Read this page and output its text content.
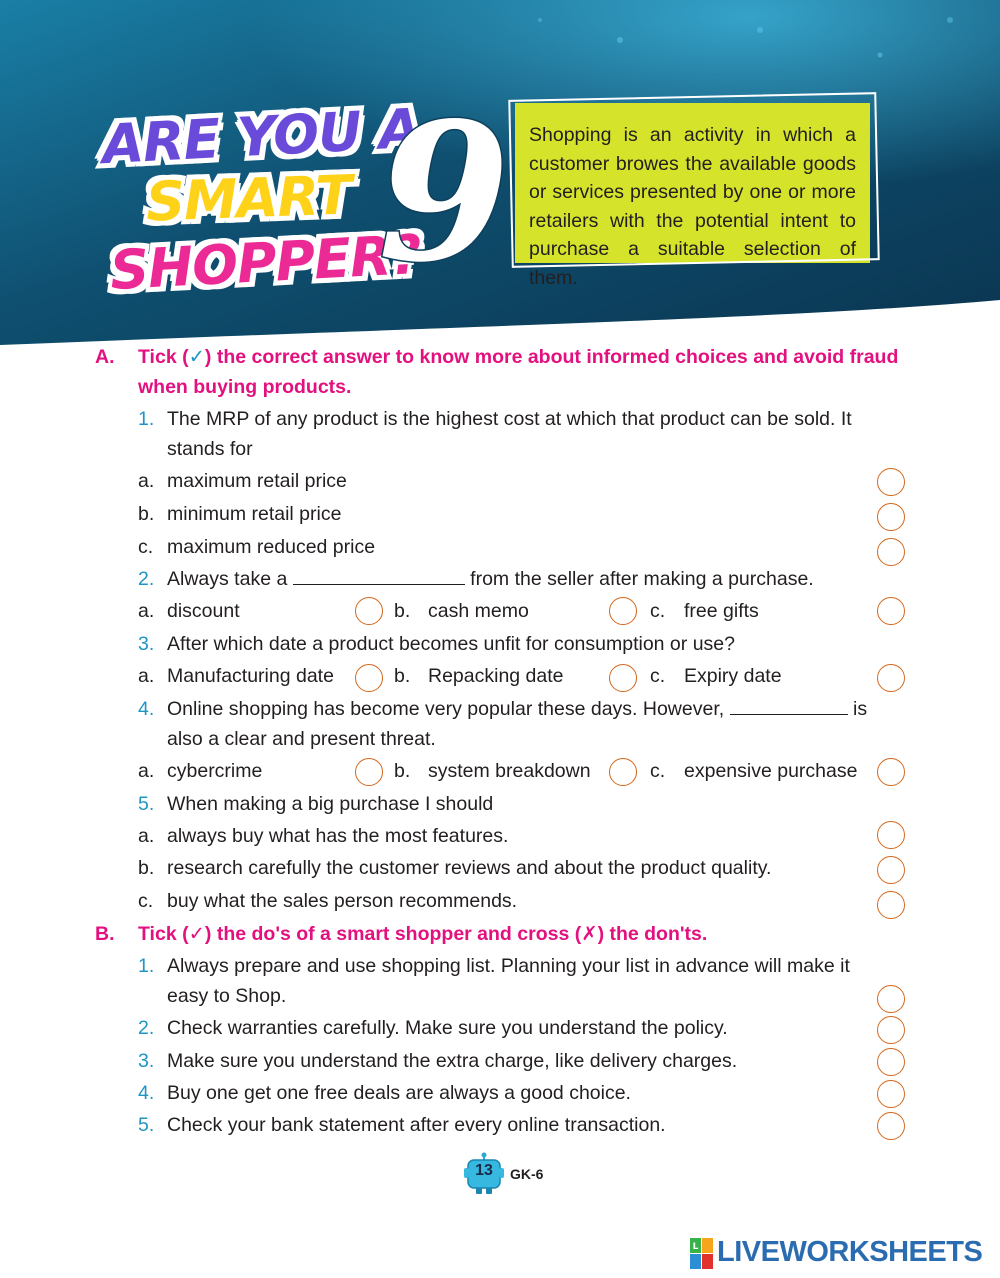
ARE YOU A
SMART
SHOPPER?
9 Shopping is an activity in which a customer browes the available goods or services presented by one or more retailers with the potential intent to purchase a suitable selection of them.
A. Tick (✓) the correct answer to know more about informed choices and avoid fraud
when buying products.
1. The MRP of any product is the highest cost at which that product can be sold. It
stands for
a. maximum retail price
b. minimum retail price
c. maximum reduced price
2. Always take a	from the seller after making a purchase.
a. discount	b. cash memo	c. free gifts
3. After which date a product becomes unfit for consumption or use?
a. Manufacturing date	b. Repacking date	c. Expiry date
4. Online shopping has become very popular these days. However,	is
also a clear and present threat.
a. cybercrime	b. system breakdown	c. expensive purchase
5. When making a big purchase I should
a. always buy what has the most features.
b. research carefully the customer reviews and about the product quality.
c. buy what the sales person recommends.
B. Tick (✓) the do's of a smart shopper and cross (✗) the don'ts.
1. Always prepare and use shopping list. Planning your list in advance will make it
easy to Shop.
2. Check warranties carefully. Make sure you understand the policy.
3. Make sure you understand the extra charge, like delivery charges.
4. Buy one get one free deals are always a good choice.
5. Check your bank statement after every online transaction.
13	GK-6
L LIVEWORKSHEETS
